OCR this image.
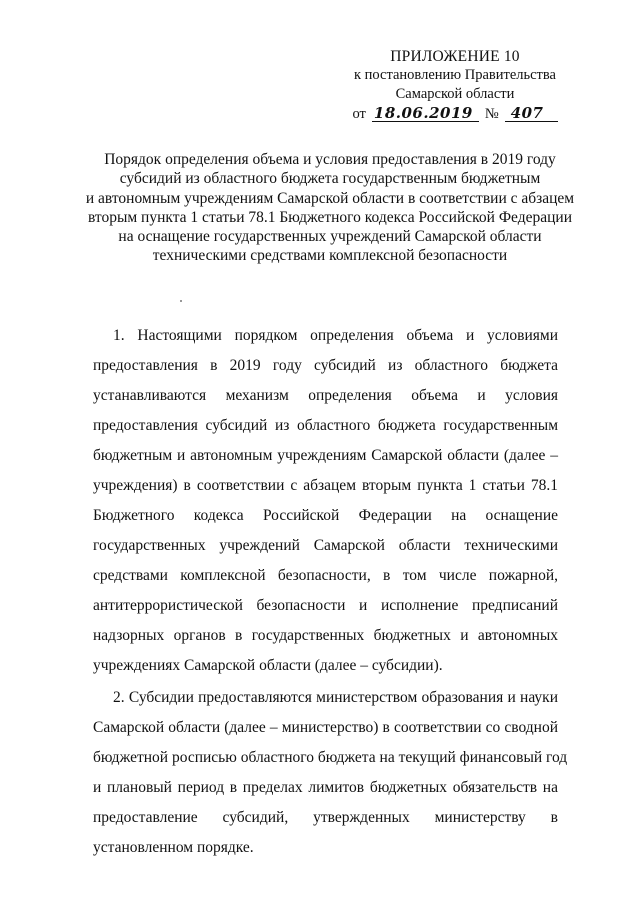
ПРИЛОЖЕНИЕ 10
к постановлению Правительства
Самарской области
от 18.06.2019 № 407
Порядок определения объема и условия предоставления в 2019 году
субсидий из областного бюджета государственным бюджетным
и автономным учреждениям Самарской области в соответствии с абзацем
вторым пункта 1 статьи 78.1 Бюджетного кодекса Российской Федерации
на оснащение государственных учреждений Самарской области
техническими средствами комплексной безопасности
1. Настоящими порядком определения объема и условиями
предоставления в 2019 году субсидий из областного бюджета
устанавливаются механизм определения объема и условия
предоставления субсидий из областного бюджета государственным
бюджетным и автономным учреждениям Самарской области (далее –
учреждения) в соответствии с абзацем вторым пункта 1 статьи 78.1
Бюджетного кодекса Российской Федерации на оснащение
государственных учреждений Самарской области техническими
средствами комплексной безопасности, в том числе пожарной,
антитеррористической безопасности и исполнение предписаний
надзорных органов в государственных бюджетных и автономных
учреждениях Самарской области (далее – субсидии).
2. Субсидии предоставляются министерством образования и науки
Самарской области (далее – министерство) в соответствии со сводной
бюджетной росписью областного бюджета на текущий финансовый год
и плановый период в пределах лимитов бюджетных обязательств на
предоставление субсидий, утвержденных министерству в
установленном порядке.
